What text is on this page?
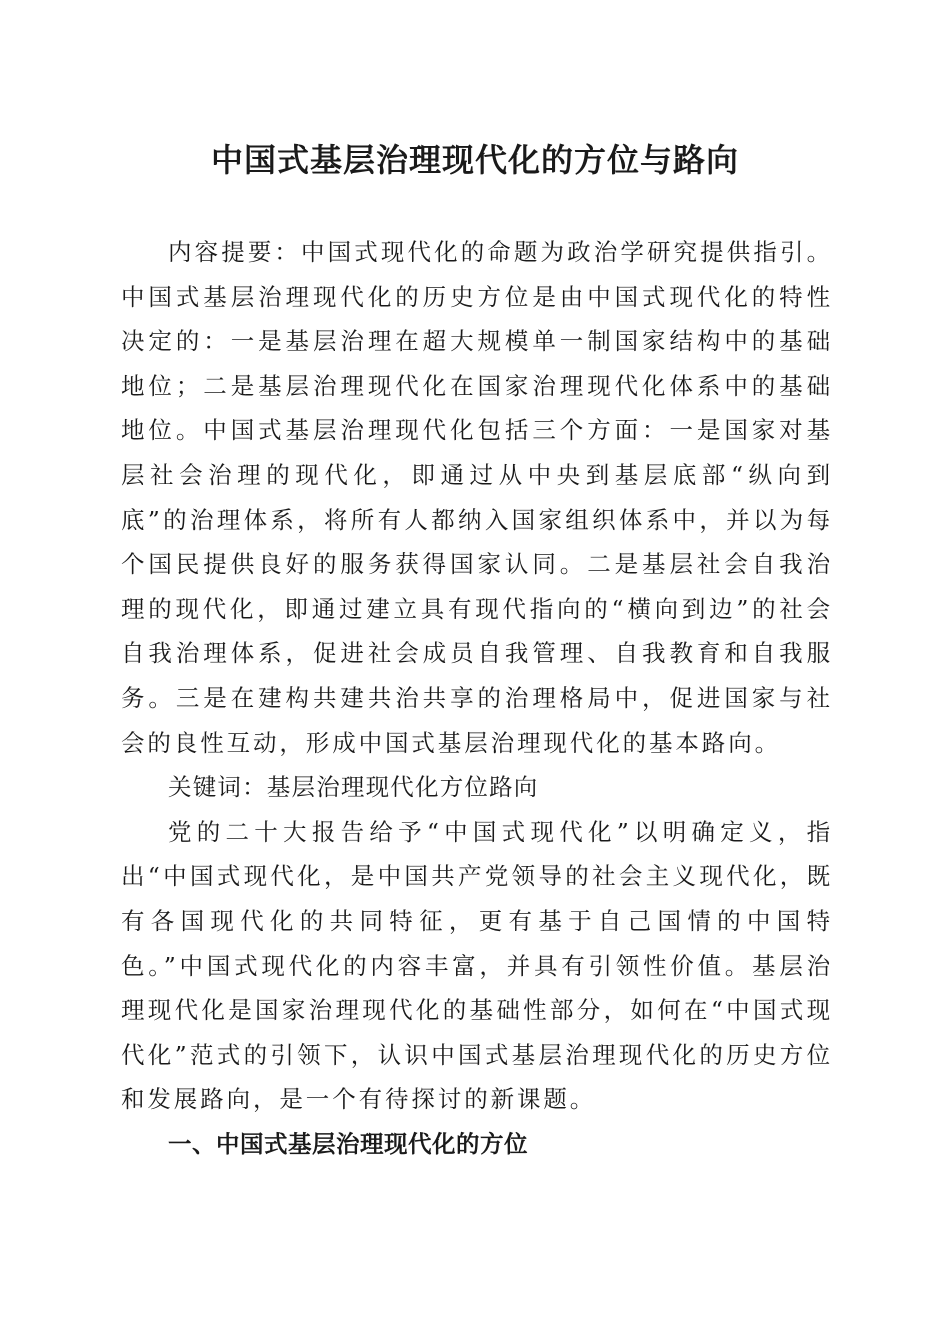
中国式基层治理现代化的方位与路向

内容提要：中国式现代化的命题为政治学研究提供指引。中国式基层治理现代化的历史方位是由中国式现代化的特性决定的：一是基层治理在超大规模单一制国家结构中的基础地位；二是基层治理现代化在国家治理现代化体系中的基础地位。中国式基层治理现代化包括三个方面：一是国家对基层社会治理的现代化，即通过从中央到基层底部“纵向到底”的治理体系，将所有人都纳入国家组织体系中，并以为每个国民提供良好的服务获得国家认同。二是基层社会自我治理的现代化，即通过建立具有现代指向的“横向到边”的社会自我治理体系，促进社会成员自我管理、自我教育和自我服务。三是在建构共建共治共享的治理格局中，促进国家与社会的良性互动，形成中国式基层治理现代化的基本路向。

关键词：基层治理现代化方位路向

党的二十大报告给予“中国式现代化”以明确定义，指出“中国式现代化，是中国共产党领导的社会主义现代化，既有各国现代化的共同特征，更有基于自己国情的中国特色。”中国式现代化的内容丰富，并具有引领性价值。基层治理现代化是国家治理现代化的基础性部分，如何在“中国式现代化”范式的引领下，认识中国式基层治理现代化的历史方位和发展路向，是一个有待探讨的新课题。

一、中国式基层治理现代化的方位
